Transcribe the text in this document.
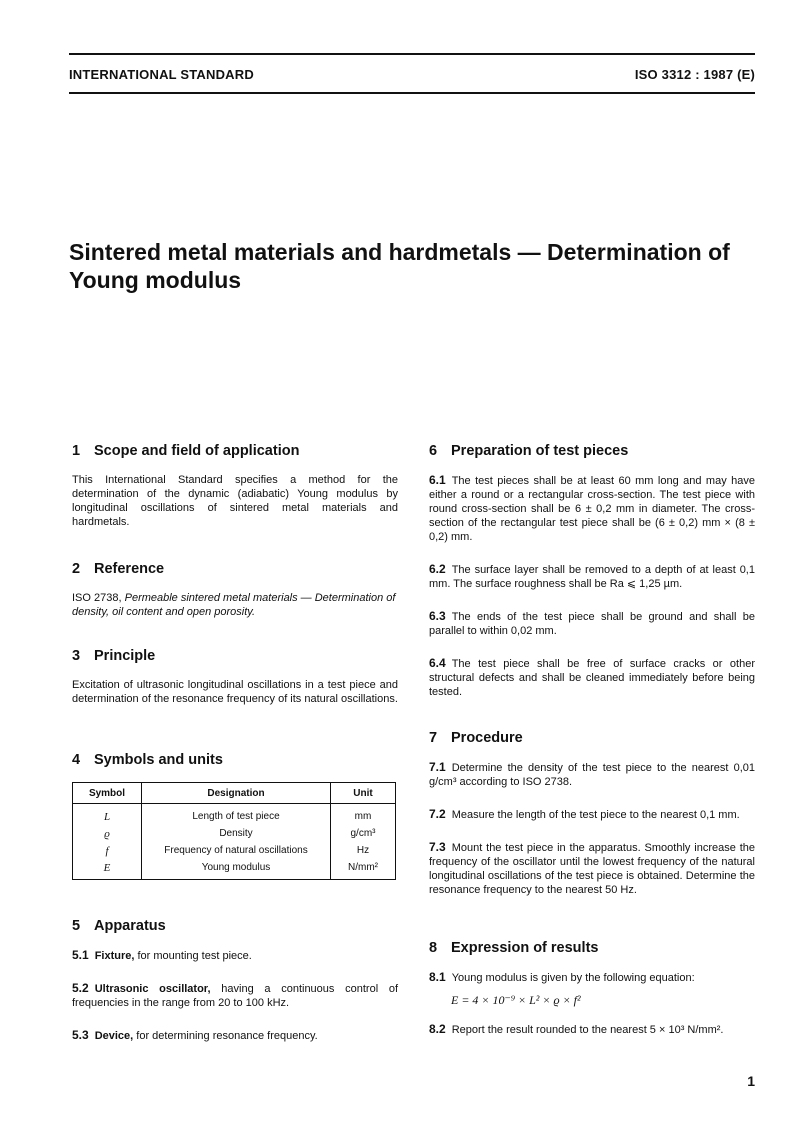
INTERNATIONAL STANDARD	ISO 3312 : 1987 (E)
Sintered metal materials and hardmetals — Determination of Young modulus
1 Scope and field of application

This International Standard specifies a method for the determination of the dynamic (adiabatic) Young modulus by longitudinal oscillations of sintered metal materials and hardmetals.

2 Reference

ISO 2738, Permeable sintered metal materials — Determination of density, oil content and open porosity.

3 Principle

Excitation of ultrasonic longitudinal oscillations in a test piece and determination of the resonance frequency of its natural oscillations.

4 Symbols and units
Symbol	Designation	Unit
L	Length of test piece	mm
ϱ	Density	g/cm³
f	Frequency of natural oscillations	Hz
E	Young modulus	N/mm²
5 Apparatus

5.1 Fixture, for mounting test piece.

5.2 Ultrasonic oscillator, having a continuous control of frequencies in the range from 20 to 100 kHz.

5.3 Device, for determining resonance frequency.

6 Preparation of test pieces

6.1 The test pieces shall be at least 60 mm long and may have either a round or a rectangular cross-section. The test piece with round cross-section shall be 6 ± 0,2 mm in diameter. The cross-section of the rectangular test piece shall be (6 ± 0,2) mm × (8 ± 0,2) mm.

6.2 The surface layer shall be removed to a depth of at least 0,1 mm. The surface roughness shall be Ra ⩽ 1,25 µm.

6.3 The ends of the test piece shall be ground and shall be parallel to within 0,02 mm.

6.4 The test piece shall be free of surface cracks or other structural defects and shall be cleaned immediately before being tested.

7 Procedure

7.1 Determine the density of the test piece to the nearest 0,01 g/cm³ according to ISO 2738.

7.2 Measure the length of the test piece to the nearest 0,1 mm.

7.3 Mount the test piece in the apparatus. Smoothly increase the frequency of the oscillator until the lowest frequency of the natural longitudinal oscillations of the test piece is obtained. Determine the resonance frequency to the nearest 50 Hz.

8 Expression of results

8.1 Young modulus is given by the following equation:

E = 4 × 10⁻⁹ × L² × ϱ × f²

8.2 Report the result rounded to the nearest 5 × 10³ N/mm².

1
